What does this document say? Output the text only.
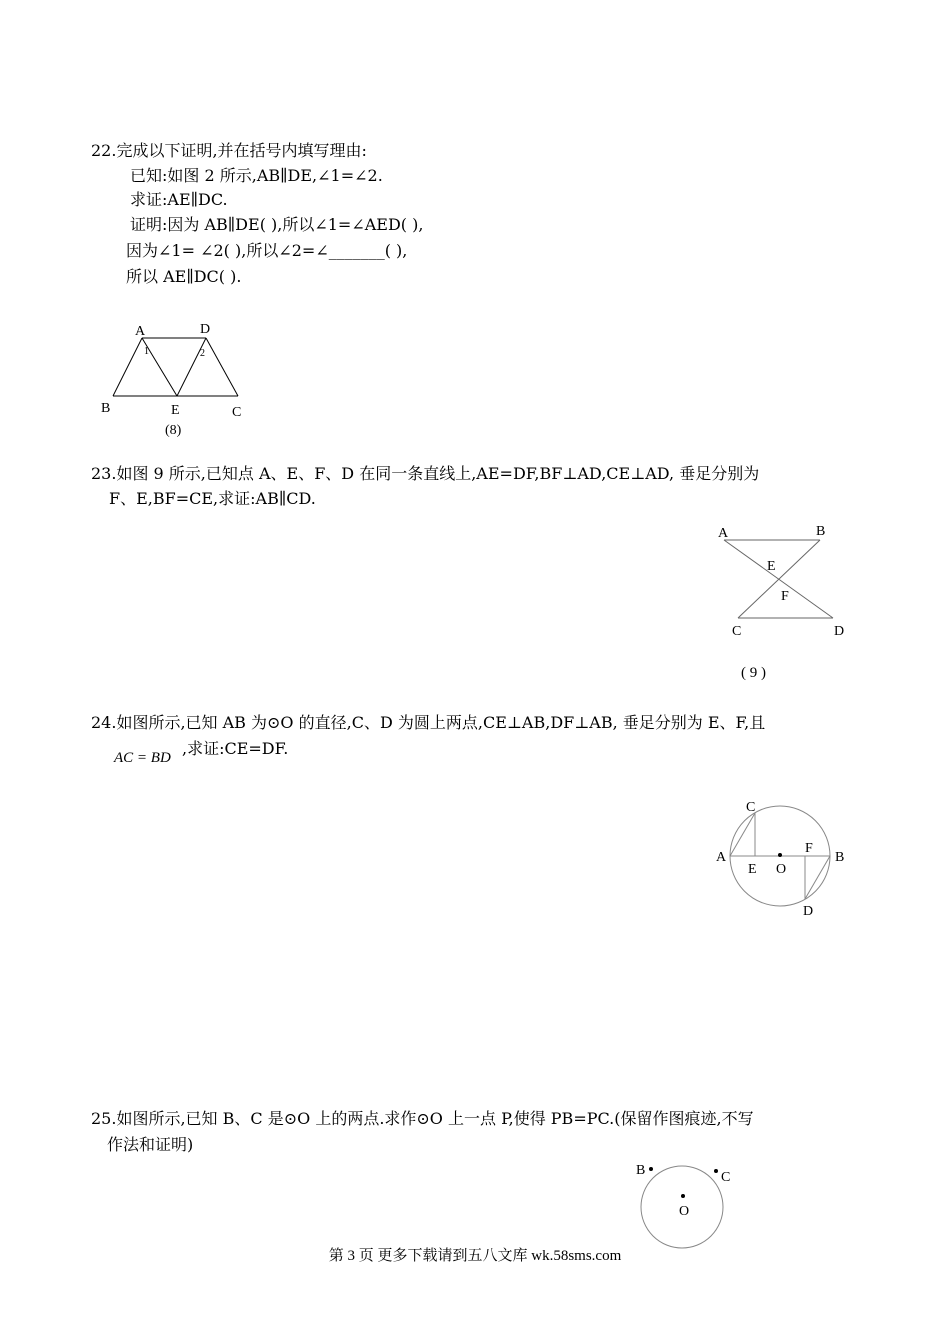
22.完成以下证明,并在括号内填写理由:
已知:如图 2 所示,AB∥DE,∠1=∠2.
求证:AE∥DC.
证明:因为 AB∥DE( ),所以∠1=∠AED( ),
因为∠1= ∠2( ),所以∠2=∠_______( ),
所以 AE∥DC( ).
A	D
1	2
B	E	C
(8)
23.如图 9 所示,已知点 A、E、F、D 在同一条直线上,AE=DF,BF⊥AD,CE⊥AD, 垂足分别为
F、E,BF=CE,求证:AB∥CD.
A	B
E
F
C	D
( 9 )
24.如图所示,已知 AB 为⊙O 的直径,C、D 为圆上两点,CE⊥AB,DF⊥AB, 垂足分别为 E、F,且
AC = BD ,求证:CE=DF.
C
A
E O
F
B
D
25.如图所示,已知 B、C 是⊙O 上的两点.求作⊙O 上一点 P,使得 PB=PC.(保留作图痕迹,不写
作法和证明)
B	C
O
第 3 页 更多下载请到五八文库 wk.58sms.com
